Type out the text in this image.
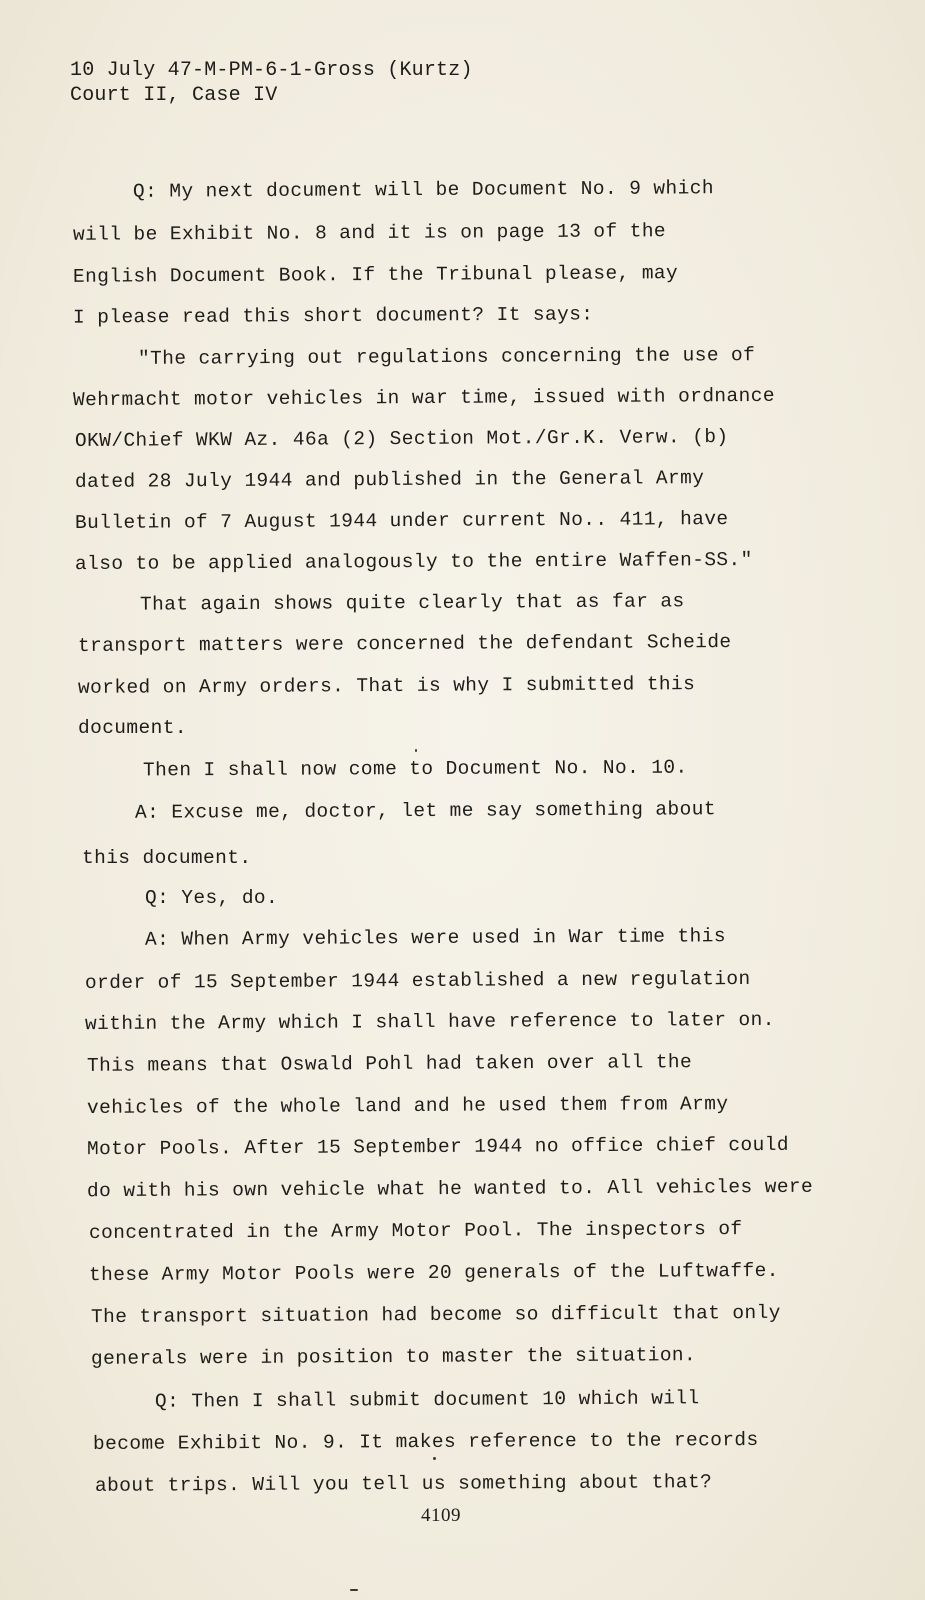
10 July 47-M-PM-6-1-Gross (Kurtz)
Court II, Case IV
Q: My next document will be Document No. 9 which
will be Exhibit No. 8 and it is on page 13 of the
English Document Book. If the Tribunal please, may
I please read this short document? It says:
"The carrying out regulations concerning the use of
Wehrmacht motor vehicles in war time, issued with ordnance
OKW/Chief WKW Az. 46a (2) Section Mot./Gr.K. Verw. (b)
dated 28 July 1944 and published in the General Army
Bulletin of 7 August 1944 under current No.. 411, have
also to be applied analogously to the entire Waffen-SS."
That again shows quite clearly that as far as
transport matters were concerned the defendant Scheide
worked on Army orders. That is why I submitted this
document.
Then I shall now come to Document No. No. 10.
A: Excuse me, doctor, let me say something about
this document.
Q: Yes, do.
A: When Army vehicles were used in War time this
order of 15 September 1944 established a new regulation
within the Army which I shall have reference to later on.
This means that Oswald Pohl had taken over all the
vehicles of the whole land and he used them from Army
Motor Pools. After 15 September 1944 no office chief could
do with his own vehicle what he wanted to. All vehicles were
concentrated in the Army Motor Pool. The inspectors of
these Army Motor Pools were 20 generals of the Luftwaffe.
The transport situation had become so difficult that only
generals were in position to master the situation.
Q: Then I shall submit document 10 which will
become Exhibit No. 9. It makes reference to the records
about trips. Will you tell us something about that?
4109
